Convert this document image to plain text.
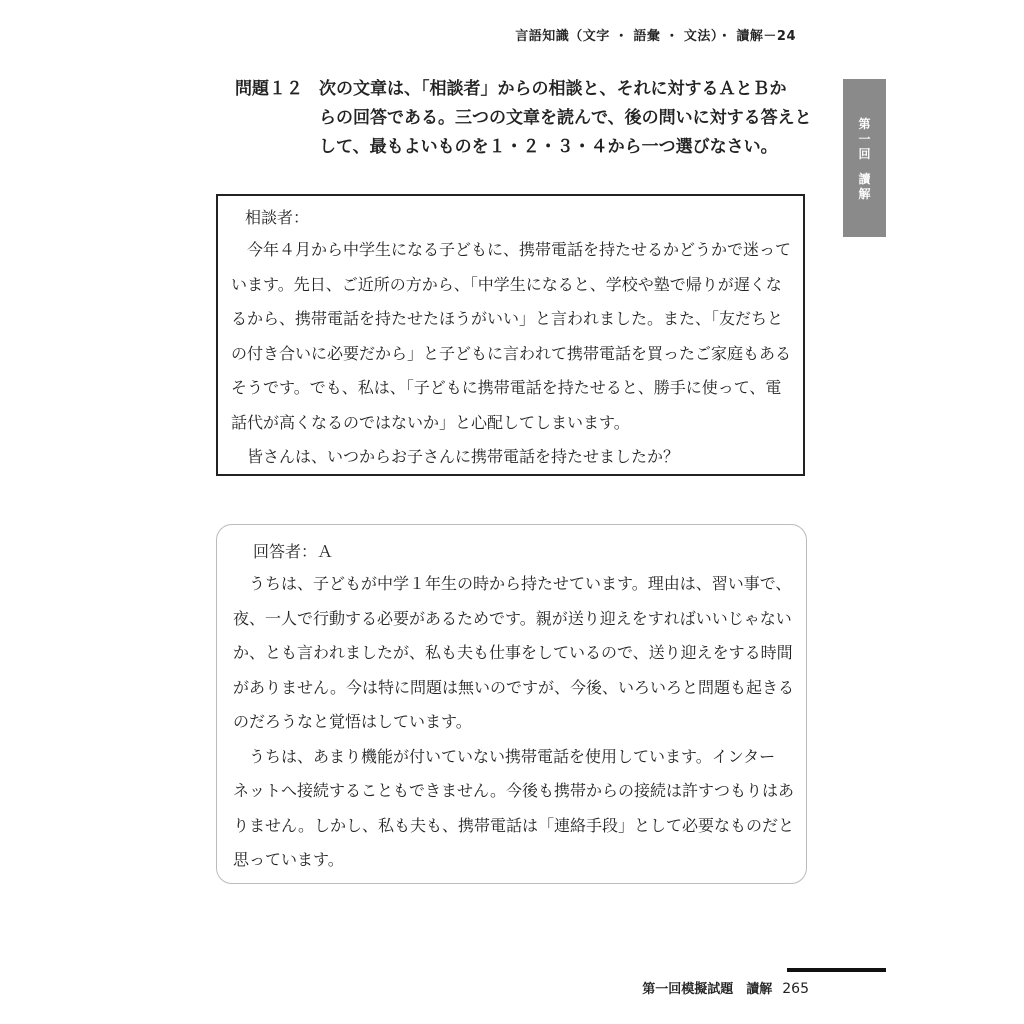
言語知識（文字 ・ 語彙 ・ 文法）・ 讀解－24
第
一
回
讀
解
問題１２ 次の文章は、「相談者」からの相談と、それに対するＡとＢか
らの回答である。三つの文章を読んで、後の問いに対する答えと
して、最もよいものを１・２・３・４から一つ選びなさい。
相談者：
今年４月から中学生になる子どもに、携帯電話を持たせるかどうかで迷って
います。先日、ご近所の方から、「中学生になると、学校や塾で帰りが遅くな
るから、携帯電話を持たせたほうがいい」と言われました。また、「友だちと
の付き合いに必要だから」と子どもに言われて携帯電話を買ったご家庭もある
そうです。でも、私は、「子どもに携帯電話を持たせると、勝手に使って、電
話代が高くなるのではないか」と心配してしまいます。
皆さんは、いつからお子さんに携帯電話を持たせましたか？
回答者：Ａ
うちは、子どもが中学１年生の時から持たせています。理由は、習い事で、
夜、一人で行動する必要があるためです。親が送り迎えをすればいいじゃない
か、とも言われましたが、私も夫も仕事をしているので、送り迎えをする時間
がありません。今は特に問題は無いのですが、今後、いろいろと問題も起きる
のだろうなと覚悟はしています。
うちは、あまり機能が付いていない携帯電話を使用しています。インター
ネットへ接続することもできません。今後も携帯からの接続は許すつもりはあ
りません。しかし、私も夫も、携帯電話は「連絡手段」として必要なものだと
思っています。
第一回模擬試題　讀解 265
